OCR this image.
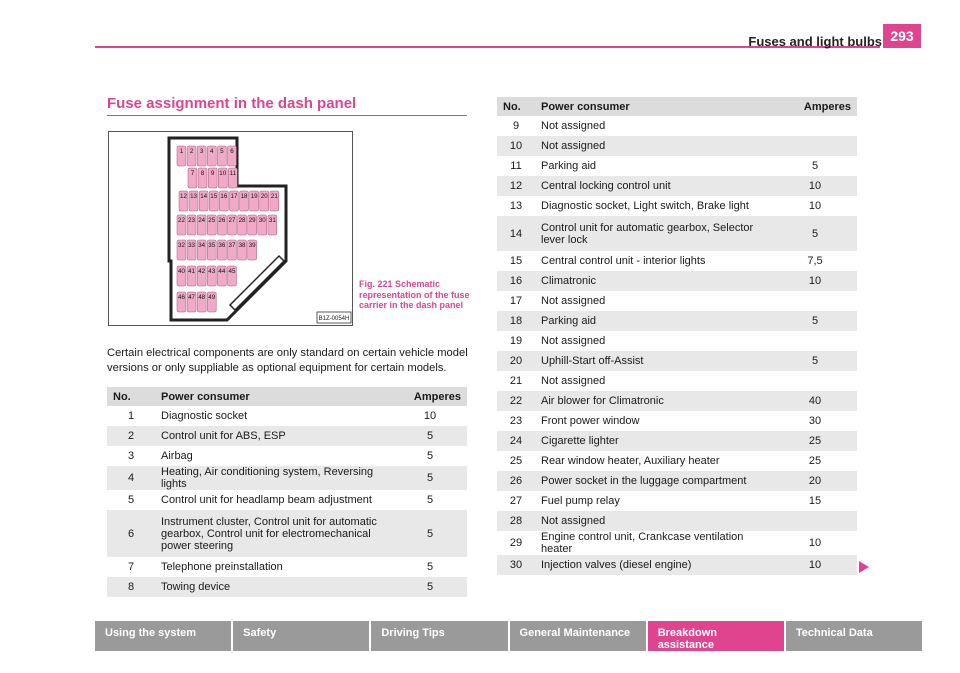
Fuses and light bulbs 293
Fuse assignment in the dash panel
1 2 3 4 5 6
7 8 9 10 11
12 13 14 15 16 17 18 19 20 21
22 23 24 25 26 27 28 29 30 31
32 33 34 35 36 37 38 39
40 41 42 43 44 45
46 47 48 49
B1Z-0054H
Fig. 221 Schematic representation of the fuse carrier in the dash panel
Certain electrical components are only standard on certain vehicle model versions or only suppliable as optional equipment for certain models.
No.	Power consumer	Amperes
1	Diagnostic socket	10
2	Control unit for ABS, ESP	5
3	Airbag	5
4	Heating, Air conditioning system, Reversing lights	5
5	Control unit for headlamp beam adjustment	5
6	Instrument cluster, Control unit for automatic gearbox, Control unit for electromechanical power steering	5
7	Telephone preinstallation	5
8	Towing device	5
No.	Power consumer	Amperes
9	Not assigned	
10	Not assigned	
11	Parking aid	5
12	Central locking control unit	10
13	Diagnostic socket, Light switch, Brake light	10
14	Control unit for automatic gearbox, Selector lever lock	5
15	Central control unit - interior lights	7,5
16	Climatronic	10
17	Not assigned	
18	Parking aid	5
19	Not assigned	
20	Uphill-Start off-Assist	5
21	Not assigned	
22	Air blower for Climatronic	40
23	Front power window	30
24	Cigarette lighter	25
25	Rear window heater, Auxiliary heater	25
26	Power socket in the luggage compartment	20
27	Fuel pump relay	15
28	Not assigned	
29	Engine control unit, Crankcase ventilation heater	10
30	Injection valves (diesel engine)	10
Using the system	Safety	Driving Tips	General Maintenance	Breakdown assistance
Technical Data
